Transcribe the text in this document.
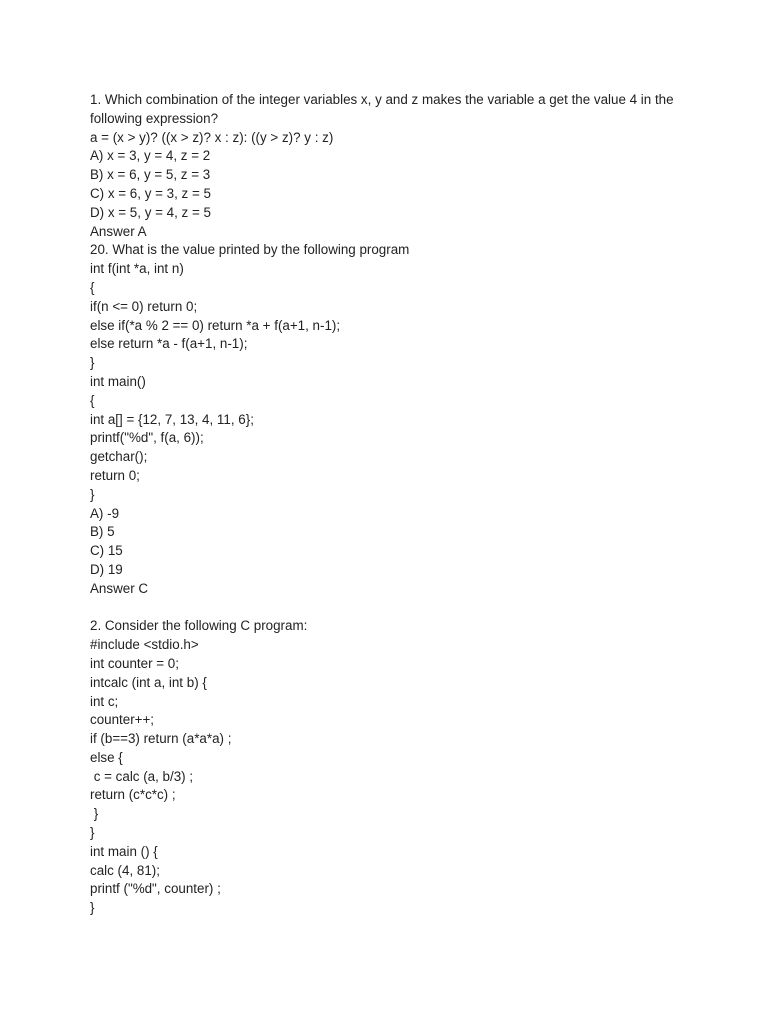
1. Which combination of the integer variables x, y and z makes the variable a get the value 4 in the following expression?
a = (x > y)? ((x > z)? x : z): ((y > z)? y : z)
A) x = 3, y = 4, z = 2
B) x = 6, y = 5, z = 3
C) x = 6, y = 3, z = 5
D) x = 5, y = 4, z = 5
Answer A
20. What is the value printed by the following program
int f(int *a, int n)
{
if(n <= 0) return 0;
else if(*a % 2 == 0) return *a + f(a+1, n-1);
else return *a - f(a+1, n-1);
}
int main()
{
int a[] = {12, 7, 13, 4, 11, 6};
printf("%d", f(a, 6));
getchar();
return 0;
}
A) -9
B) 5
C) 15
D) 19
Answer C
2. Consider the following C program:
#include <stdio.h>
int counter = 0;
intcalc (int a, int b) {
int c;
counter++;
if (b==3) return (a*a*a) ;
else {
c = calc (a, b/3) ;
return (c*c*c) ;
}
}
int main () {
calc (4, 81);
printf ("%d", counter) ;
}
